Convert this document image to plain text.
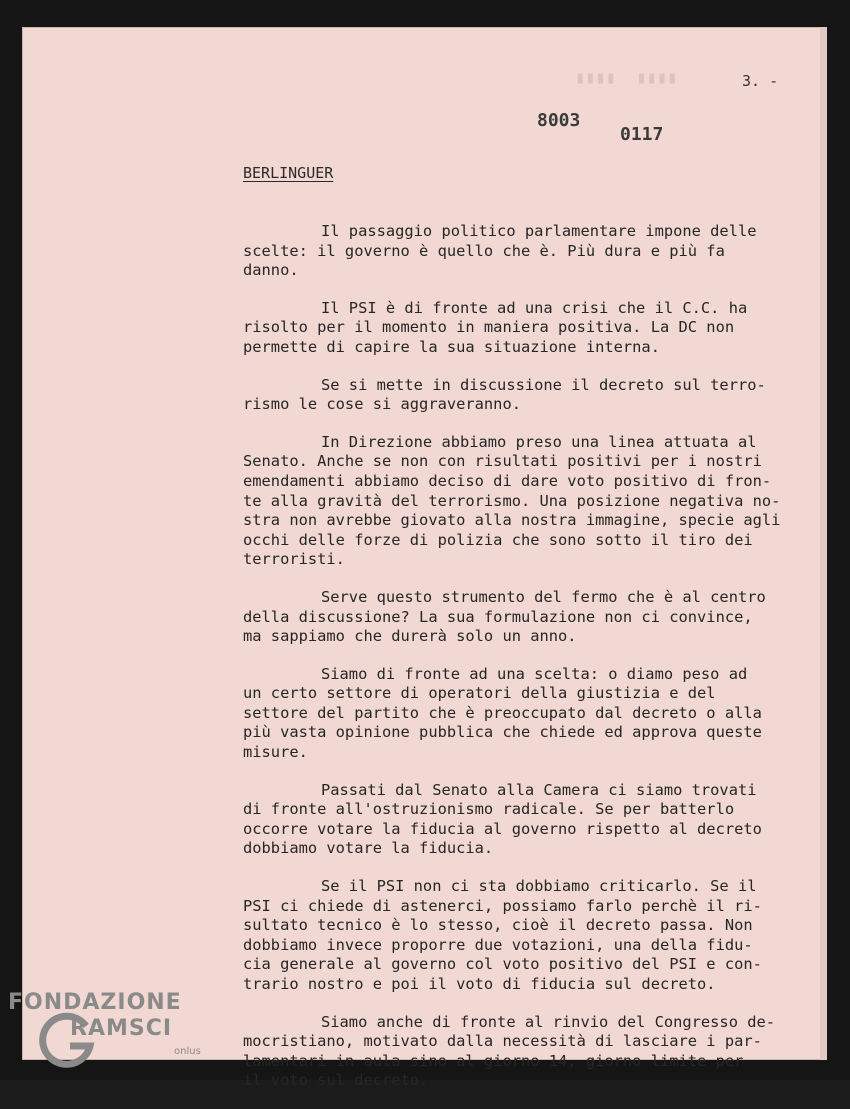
▮▮▮▮  ▮▮▮▮	3. -
8003
0117
BERLINGUER

Il passaggio politico parlamentare impone delle
scelte: il governo è quello che è. Più dura e più fa
danno.

Il PSI è di fronte ad una crisi che il C.C. ha
risolto per il momento in maniera positiva. La DC non
permette di capire la sua situazione interna.

Se si mette in discussione il decreto sul terro-
rismo le cose si aggraveranno.

In Direzione abbiamo preso una linea attuata al
Senato. Anche se non con risultati positivi per i nostri
emendamenti abbiamo deciso di dare voto positivo di fron-
te alla gravità del terrorismo. Una posizione negativa no-
stra non avrebbe giovato alla nostra immagine, specie agli
occhi delle forze di polizia che sono sotto il tiro dei
terroristi.

Serve questo strumento del fermo che è al centro
della discussione? La sua formulazione non ci convince,
ma sappiamo che durerà solo un anno.

Siamo di fronte ad una scelta: o diamo peso ad
un certo settore di operatori della giustizia e del
settore del partito che è preoccupato dal decreto o alla
più vasta opinione pubblica che chiede ed approva queste
misure.

Passati dal Senato alla Camera ci siamo trovati
di fronte all'ostruzionismo radicale. Se per batterlo
occorre votare la fiducia al governo rispetto al decreto
dobbiamo votare la fiducia.

Se il PSI non ci sta dobbiamo criticarlo. Se il
PSI ci chiede di astenerci, possiamo farlo perchè il ri-
sultato tecnico è lo stesso, cioè il decreto passa. Non
dobbiamo invece proporre due votazioni, una della fidu-
cia generale al governo col voto positivo del PSI e con-
trario nostro e poi il voto di fiducia sul decreto.

Siamo anche di fronte al rinvio del Congresso de-
mocristiano, motivato dalla necessità di lasciare i par-
lamentari in aula sino al giorno 14, giorno limite per
il voto sul decreto.

FONDAZIONE
RAMSCI
onlus
